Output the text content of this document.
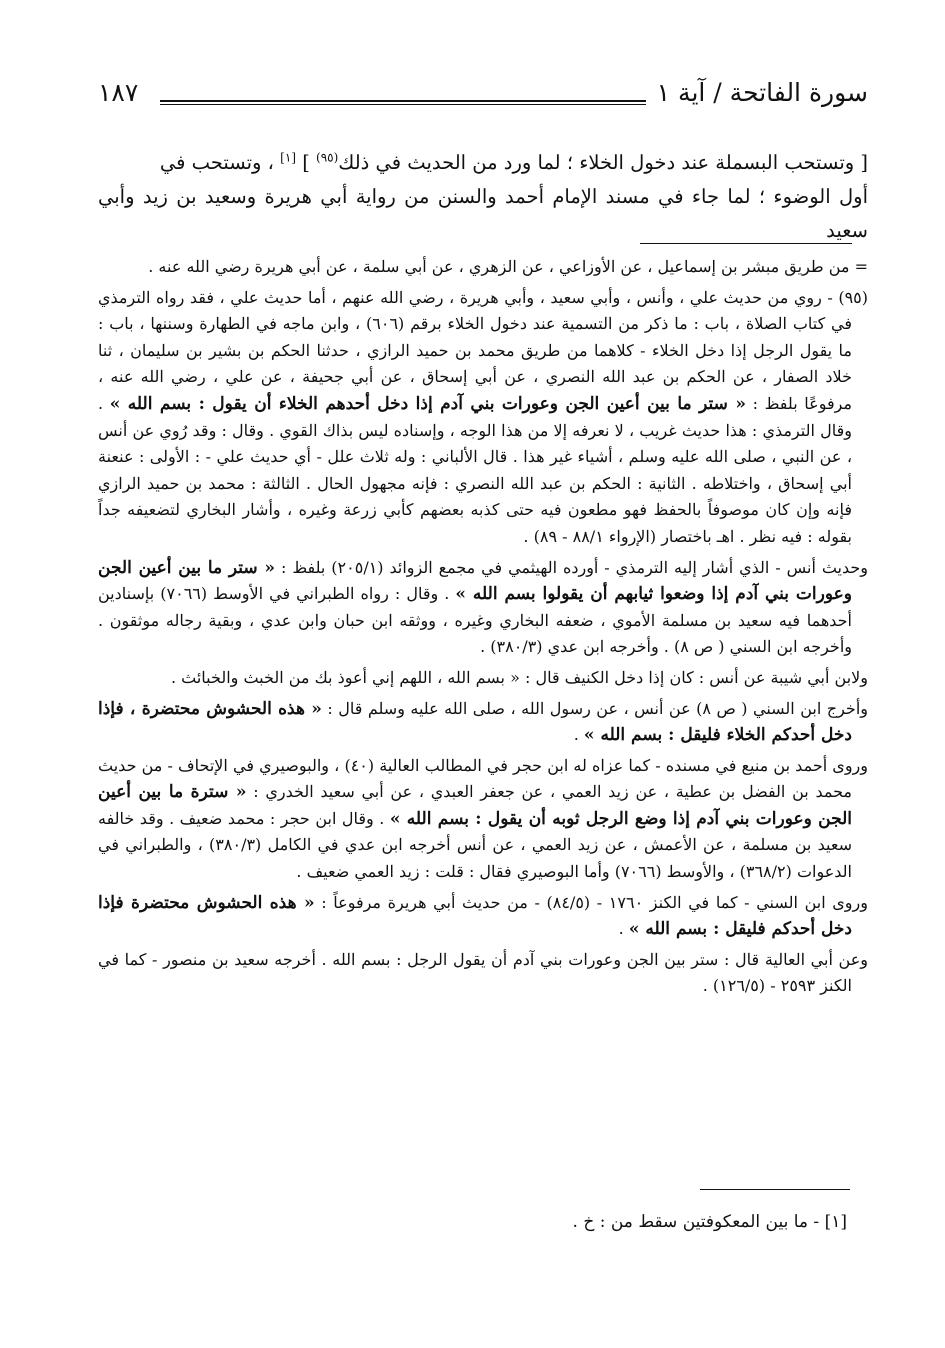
سورة الفاتحة / آية ١
١٨٧

[ وتستحب البسملة عند دخول الخلاء ؛ لما ورد من الحديث في ذلك$^{(٩٥)}$ ] [١] ، وتستحب في

أول الوضوء ؛ لما جاء في مسند الإمام أحمد والسنن من رواية أبي هريرة وسعيد بن زيد وأبي سعيد

= من طريق مبشر بن إسماعيل ، عن الأوزاعي ، عن الزهري ، عن أبي سلمة ، عن أبي هريرة رضي الله عنه .

(٩٥) - روي من حديث علي ، وأنس ، وأبي سعيد ، وأبي هريرة ، رضي الله عنهم ، أما حديث علي ، فقد رواه الترمذي في كتاب الصلاة ، باب : ما ذكر من التسمية عند دخول الخلاء برقم (٦٠٦) ، وابن ماجه في الطهارة وسننها ، باب : ما يقول الرجل إذا دخل الخلاء - كلاهما من طريق محمد بن حميد الرازي ، حدثنا الحكم بن بشير بن سليمان ، ثنا خلاد الصفار ، عن الحكم بن عبد الله النصري ، عن أبي إسحاق ، عن أبي جحيفة ، عن علي ، رضي الله عنه ، مرفوعًا بلفظ : « ستر ما بين أعين الجن وعورات بني آدم إذا دخل أحدهم الخلاء أن يقول : بسم الله » . وقال الترمذي : هذا حديث غريب ، لا نعرفه إلا من هذا الوجه ، وإسناده ليس بذاك القوي . وقال : وقد رُوي عن أنس ، عن النبي ، صلى الله عليه وسلم ، أشياء غير هذا . قال الألباني : وله ثلاث علل - أي حديث علي - : الأولى : عنعنة أبي إسحاق ، واختلاطه . الثانية : الحكم بن عبد الله النصري : فإنه مجهول الحال . الثالثة : محمد بن حميد الرازي فإنه وإن كان موصوفاً بالحفظ فهو مطعون فيه حتى كذبه بعضهم كأبي زرعة وغيره ، وأشار البخاري لتضعيفه جداً بقوله : فيه نظر . اهـ باختصار (الإرواء ٨٨/١ - ٨٩) .

وحديث أنس - الذي أشار إليه الترمذي - أورده الهيثمي في مجمع الزوائد (٢٠٥/١) بلفظ : « ستر ما بين أعين الجن وعورات بني آدم إذا وضعوا ثيابهم أن يقولوا بسم الله » . وقال : رواه الطبراني في الأوسط (٧٠٦٦) بإسنادين أحدهما فيه سعيد بن مسلمة الأموي ، ضعفه البخاري وغيره ، ووثقه ابن حبان وابن عدي ، وبقية رجاله موثقون . وأخرجه ابن السني ( ص ٨) . وأخرجه ابن عدي (٣٨٠/٣) .

ولابن أبي شيبة عن أنس : كان إذا دخل الكنيف قال : « بسم الله ، اللهم إني أعوذ بك من الخبث والخبائث .

وأخرج ابن السني ( ص ٨) عن أنس ، عن رسول الله ، صلى الله عليه وسلم قال : « هذه الحشوش محتضرة ، فإذا دخل أحدكم الخلاء فليقل : بسم الله » .

وروى أحمد بن منيع في مسنده - كما عزاه له ابن حجر في المطالب العالية (٤٠) ، والبوصيري في الإتحاف - من حديث محمد بن الفضل بن عطية ، عن زيد العمي ، عن جعفر العبدي ، عن أبي سعيد الخدري : « سترة ما بين أعين الجن وعورات بني آدم إذا وضع الرجل ثوبه أن يقول : بسم الله » . وقال ابن حجر : محمد ضعيف . وقد خالفه سعيد بن مسلمة ، عن الأعمش ، عن زيد العمي ، عن أنس أخرجه ابن عدي في الكامل (٣٨٠/٣) ، والطبراني في الدعوات (٣٦٨/٢) ، والأوسط (٧٠٦٦) وأما البوصيري فقال : قلت : زيد العمي ضعيف .

وروى ابن السني - كما في الكنز ١٧٦٠ - (٨٤/٥) - من حديث أبي هريرة مرفوعاً : « هذه الحشوش محتضرة فإذا دخل أحدكم فليقل : بسم الله » .

وعن أبي العالية قال : ستر بين الجن وعورات بني آدم أن يقول الرجل : بسم الله . أخرجه سعيد بن منصور - كما في الكنز ٢٥٩٣ - (١٢٦/٥) .

[١] - ما بين المعكوفتين سقط من : خ .
